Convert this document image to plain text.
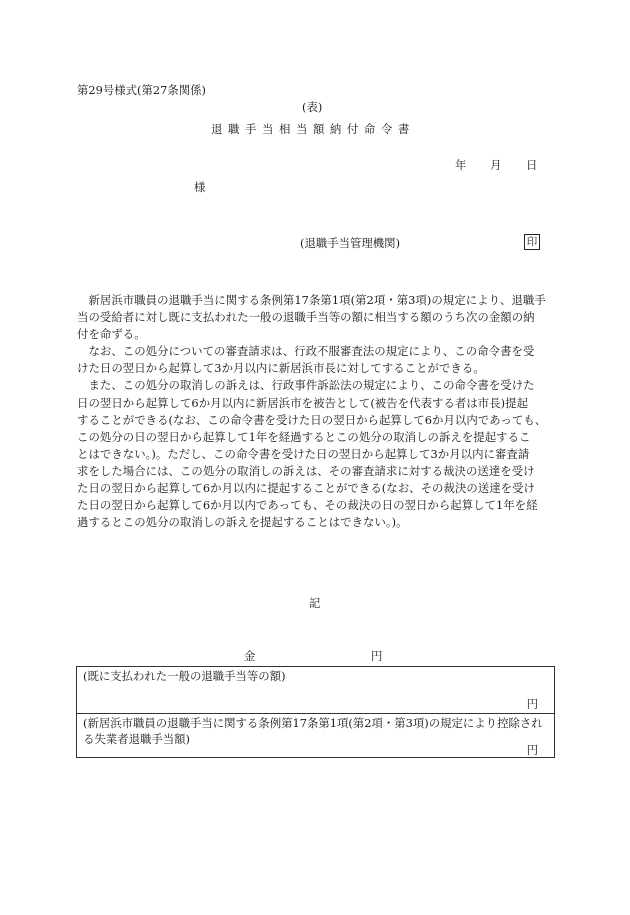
第29号様式(第27条関係)
(表)
退職手当相当額納付命令書
年 月 日
様
(退職手当管理機関)	印
　新居浜市職員の退職手当に関する条例第17条第1項(第2項・第3項)の規定により、退職手
当の受給者に対し既に支払われた一般の退職手当等の額に相当する額のうち次の金額の納
付を命ずる。
　なお、この処分についての審査請求は、行政不服審査法の規定により、この命令書を受
けた日の翌日から起算して3か月以内に新居浜市長に対してすることができる。
　また、この処分の取消しの訴えは、行政事件訴訟法の規定により、この命令書を受けた
日の翌日から起算して6か月以内に新居浜市を被告として(被告を代表する者は市長)提起
することができる(なお、この命令書を受けた日の翌日から起算して6か月以内であっても、
この処分の日の翌日から起算して1年を経過するとこの処分の取消しの訴えを提起するこ
とはできない。)。ただし、この命令書を受けた日の翌日から起算して3か月以内に審査請
求をした場合には、この処分の取消しの訴えは、その審査請求に対する裁決の送達を受け
た日の翌日から起算して6か月以内に提起することができる(なお、その裁決の送達を受け
た日の翌日から起算して6か月以内であっても、その裁決の日の翌日から起算して1年を経
過するとこの処分の取消しの訴えを提起することはできない。)。
記
金	円
(既に支払われた一般の退職手当等の額)
円
(新居浜市職員の退職手当に関する条例第17条第1項(第2項・第3項)の規定により控除され
る失業者退職手当額)
円
